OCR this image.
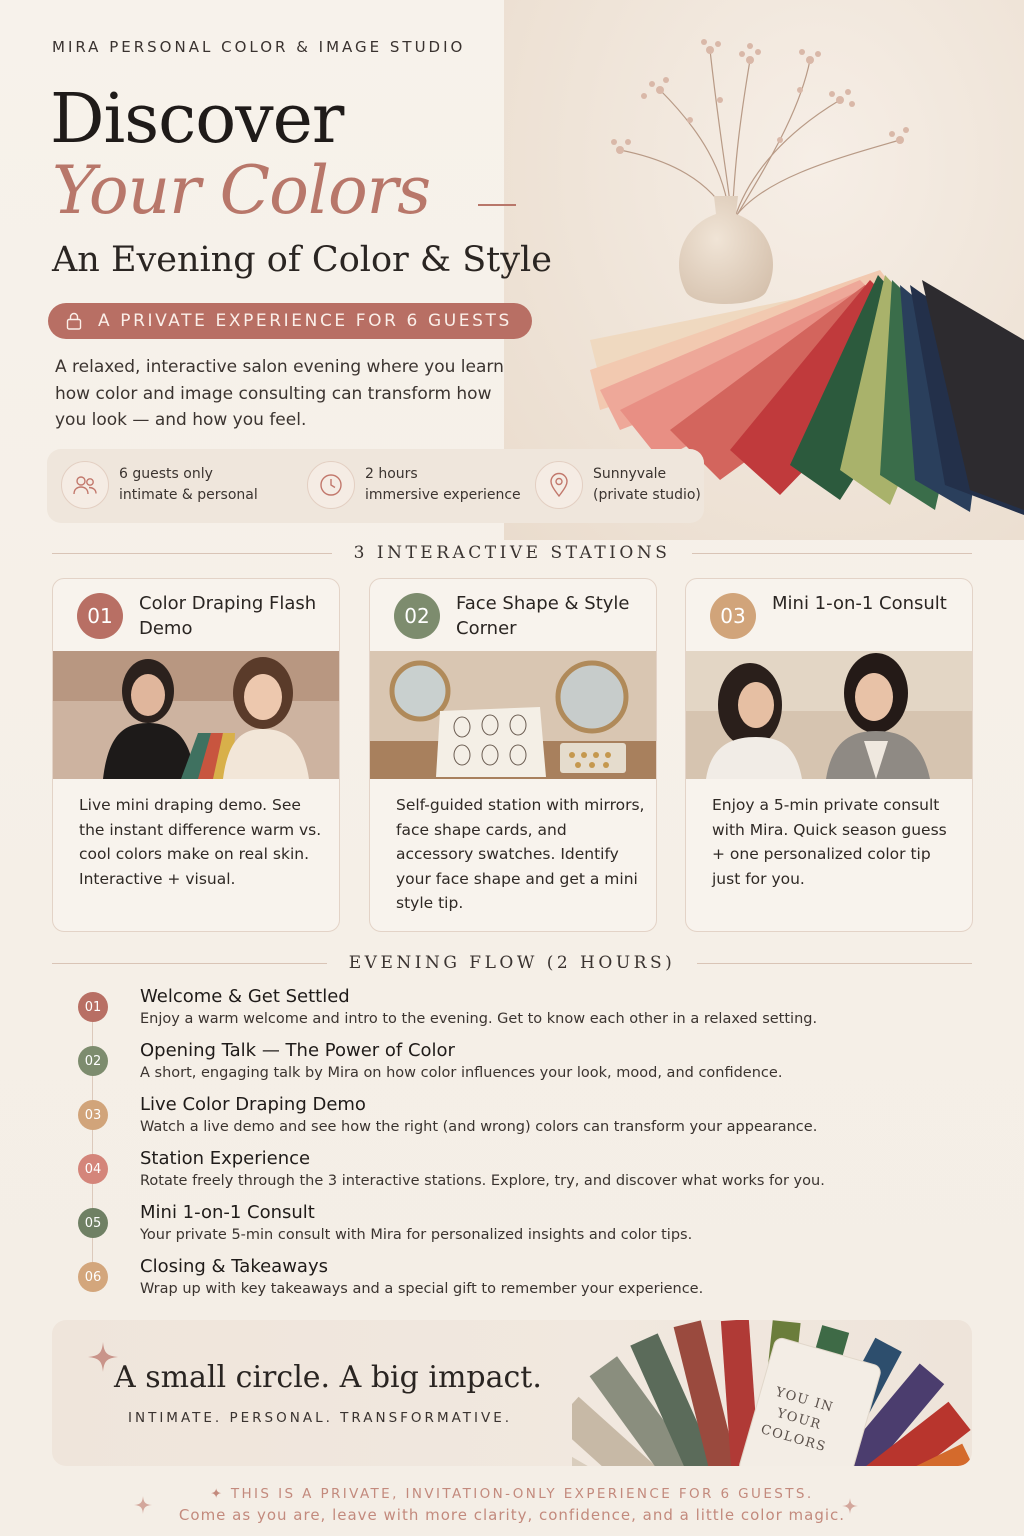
MIRA PERSONAL COLOR & IMAGE STUDIO
Discover
Your Colors
An Evening of Color & Style
A PRIVATE EXPERIENCE FOR 6 GUESTS
A relaxed, interactive salon evening where you learn how color and image consulting can transform how you look — and how you feel.
6 guests only
intimate & personal
2 hours
immersive experience
Sunnyvale
(private studio)
3 INTERACTIVE STATIONS
01
Color Draping Flash Demo
Live mini draping demo. See the instant difference warm vs. cool colors make on real skin. Interactive + visual.
02
Face Shape & Style Corner
Self-guided station with mirrors, face shape cards, and accessory swatches. Identify your face shape and get a mini style tip.
03
Mini 1-on-1 Consult
Enjoy a 5-min private consult with Mira. Quick season guess + one personalized color tip just for you.
EVENING FLOW (2 HOURS)
01	Welcome & Get Settled
Enjoy a warm welcome and intro to the evening. Get to know each other in a relaxed setting.
02	Opening Talk — The Power of Color
A short, engaging talk by Mira on how color influences your look, mood, and confidence.
03	Live Color Draping Demo
Watch a live demo and see how the right (and wrong) colors can transform your appearance.
04	Station Experience
Rotate freely through the 3 interactive stations. Explore, try, and discover what works for you.
05	Mini 1-on-1 Consult
Your private 5-min consult with Mira for personalized insights and color tips.
06	Closing & Takeaways
Wrap up with key takeaways and a special gift to remember your experience.
A small circle. A big impact.
INTIMATE. PERSONAL. TRANSFORMATIVE.
YOU IN YOUR COLORS
✦ THIS IS A PRIVATE, INVITATION-ONLY EXPERIENCE FOR 6 GUESTS.
Come as you are, leave with more clarity, confidence, and a little color magic.
